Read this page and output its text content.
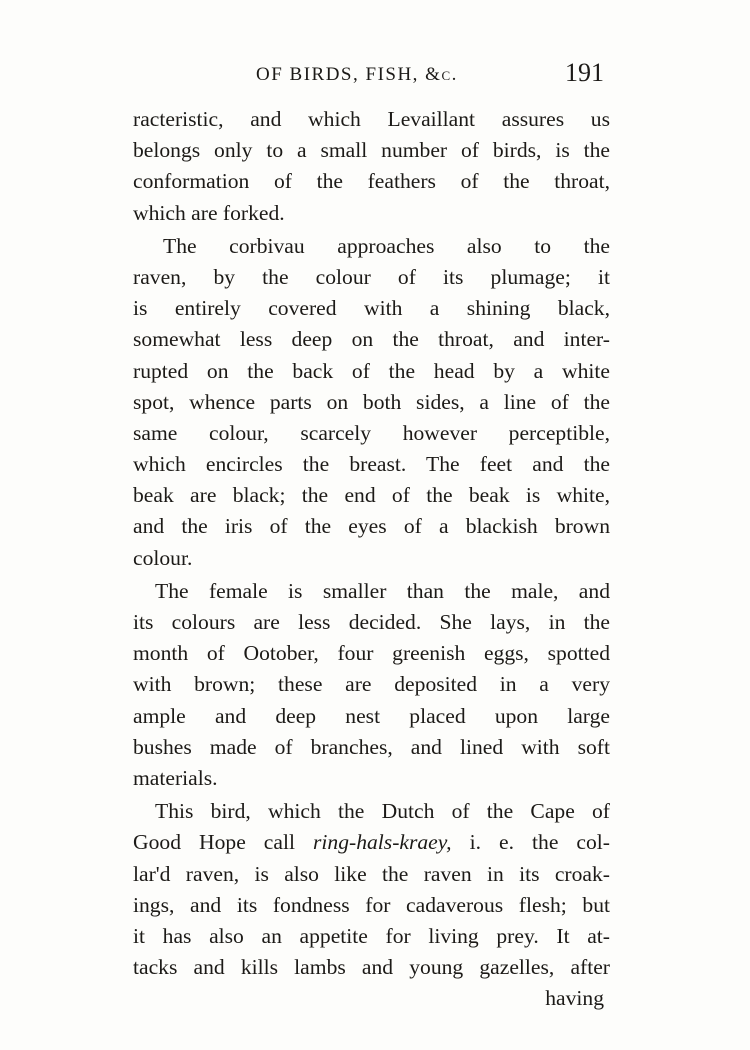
OF BIRDS, FISH, &c.	191
racteristic, and which Levaillant assures us
belongs only to a small number of birds, is the
conformation of the feathers of the throat,
which are forked.
The corbivau approaches also to the
raven, by the colour of its plumage; it
is entirely covered with a shining black,
somewhat less deep on the throat, and inter-
rupted on the back of the head by a white
spot, whence parts on both sides, a line of the
same colour, scarcely however perceptible,
which encircles the breast. The feet and the
beak are black; the end of the beak is white,
and the iris of the eyes of a blackish brown
colour.
The female is smaller than the male, and
its colours are less decided. She lays, in the
month of Ootober, four greenish eggs, spotted
with brown; these are deposited in a very
ample and deep nest placed upon large
bushes made of branches, and lined with soft
materials.
This bird, which the Dutch of the Cape of
Good Hope call ring-hals-kraey, i. e. the col-
lar'd raven, is also like the raven in its croak-
ings, and its fondness for cadaverous flesh; but
it has also an appetite for living prey. It at-
tacks and kills lambs and young gazelles, after
having
